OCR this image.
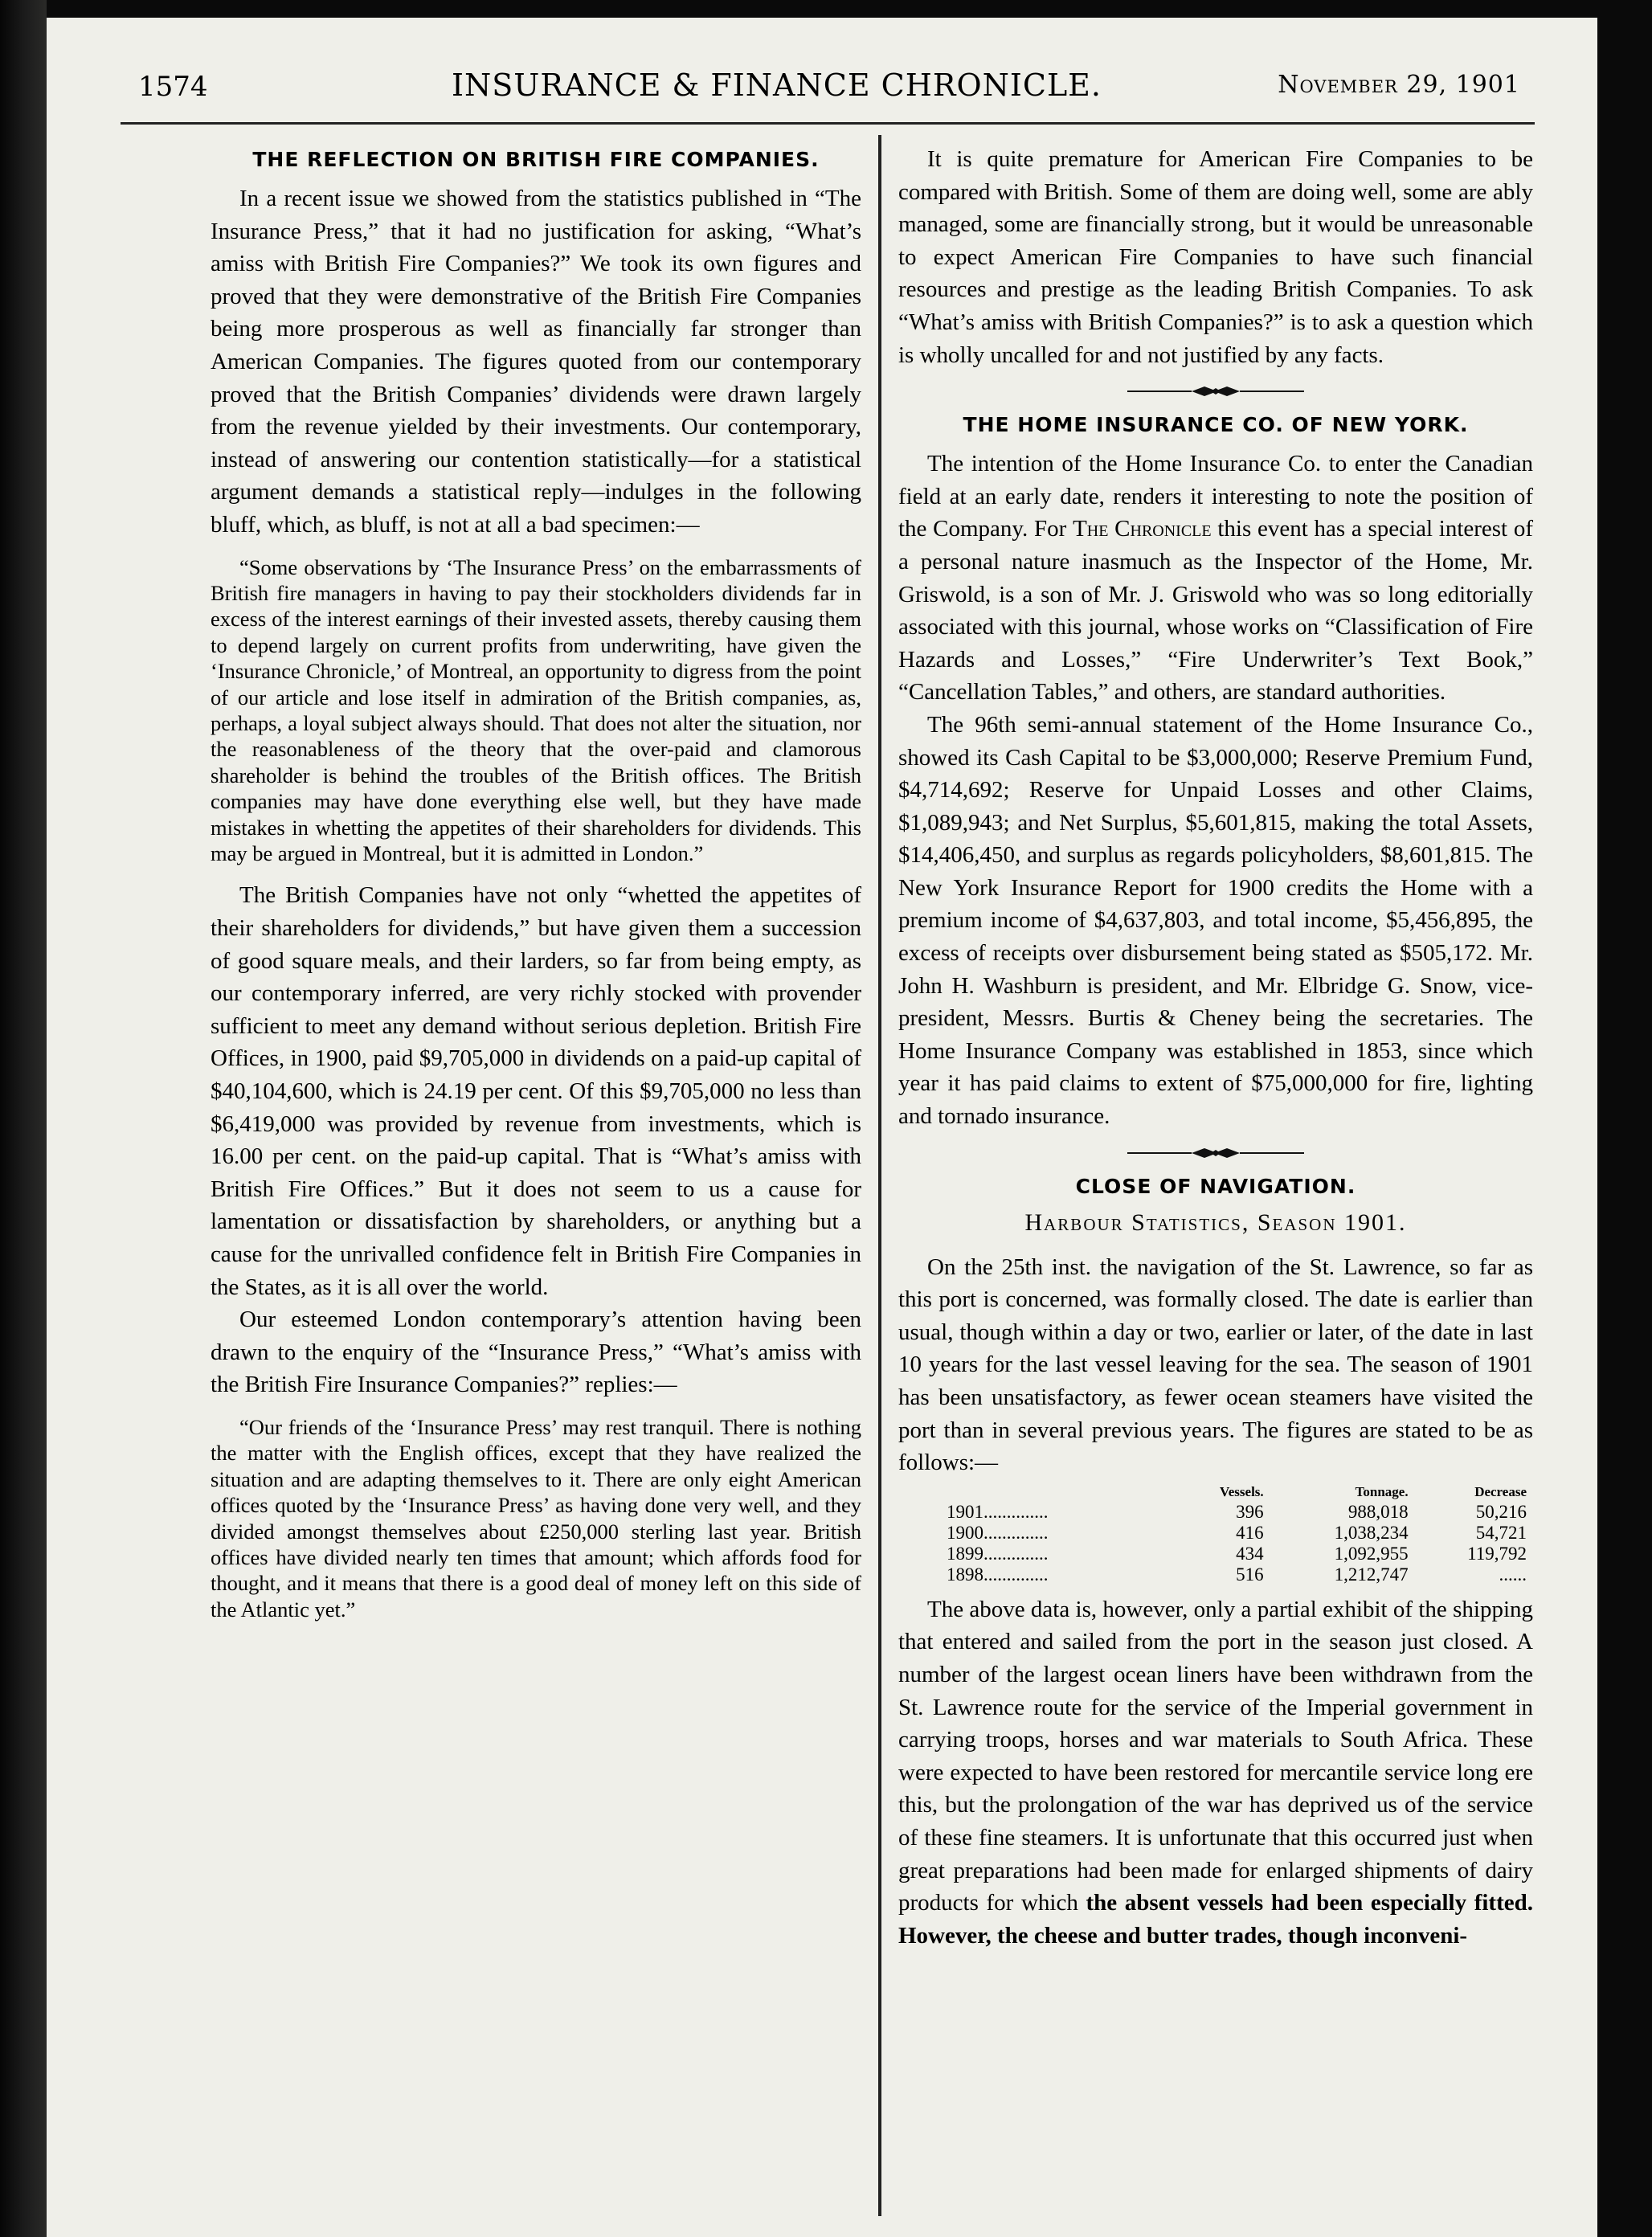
1574	INSURANCE & FINANCE CHRONICLE.	November 29, 1901
THE REFLECTION ON BRITISH FIRE COMPANIES.

In a recent issue we showed from the statistics published in “The Insurance Press,” that it had no justification for asking, “What’s amiss with British Fire Companies?” We took its own figures and proved that they were demonstrative of the British Fire Companies being more prosperous as well as financially far stronger than American Companies. The figures quoted from our contemporary proved that the British Companies’ dividends were drawn largely from the revenue yielded by their investments. Our contemporary, instead of answering our contention statistically—for a statistical argument demands a statistical reply—indulges in the following bluff, which, as bluff, is not at all a bad specimen:—

“Some observations by ‘The Insurance Press’ on the embarrassments of British fire managers in having to pay their stockholders dividends far in excess of the interest earnings of their invested assets, thereby causing them to depend largely on current profits from underwriting, have given the ‘Insurance Chronicle,’ of Montreal, an opportunity to digress from the point of our article and lose itself in admiration of the British companies, as, perhaps, a loyal subject always should. That does not alter the situation, nor the reasonableness of the theory that the over-paid and clamorous shareholder is behind the troubles of the British offices. The British companies may have done everything else well, but they have made mistakes in whetting the appetites of their shareholders for dividends. This may be argued in Montreal, but it is admitted in London.”

The British Companies have not only “whetted the appetites of their shareholders for dividends,” but have given them a succession of good square meals, and their larders, so far from being empty, as our contemporary inferred, are very richly stocked with provender sufficient to meet any demand without serious depletion. British Fire Offices, in 1900, paid $9,705,000 in dividends on a paid-up capital of $40,104,600, which is 24.19 per cent. Of this $9,705,000 no less than $6,419,000 was provided by revenue from investments, which is 16.00 per cent. on the paid-up capital. That is “What’s amiss with British Fire Offices.” But it does not seem to us a cause for lamentation or dissatisfaction by shareholders, or anything but a cause for the unrivalled confidence felt in British Fire Companies in the States, as it is all over the world.

Our esteemed London contemporary’s attention having been drawn to the enquiry of the “Insurance Press,” “What’s amiss with the British Fire Insurance Companies?” replies:—

“Our friends of the ‘Insurance Press’ may rest tranquil. There is nothing the matter with the English offices, except that they have realized the situation and are adapting themselves to it. There are only eight American offices quoted by the ‘Insurance Press’ as having done very well, and they divided amongst themselves about £250,000 sterling last year. British offices have divided nearly ten times that amount; which affords food for thought, and it means that there is a good deal of money left on this side of the Atlantic yet.”

It is quite premature for American Fire Companies to be compared with British. Some of them are doing well, some are ably managed, some are financially strong, but it would be unreasonable to expect American Fire Companies to have such financial resources and prestige as the leading British Companies. To ask “What’s amiss with British Companies?” is to ask a question which is wholly uncalled for and not justified by any facts.

THE HOME INSURANCE CO. OF NEW YORK.

The intention of the Home Insurance Co. to enter the Canadian field at an early date, renders it interesting to note the position of the Company. For The Chronicle this event has a special interest of a personal nature inasmuch as the Inspector of the Home, Mr. Griswold, is a son of Mr. J. Griswold who was so long editorially associated with this journal, whose works on “Classification of Fire Hazards and Losses,” “Fire Underwriter’s Text Book,” “Cancellation Tables,” and others, are standard authorities.

The 96th semi-annual statement of the Home Insurance Co., showed its Cash Capital to be $3,000,000; Reserve Premium Fund, $4,714,692; Reserve for Unpaid Losses and other Claims, $1,089,943; and Net Surplus, $5,601,815, making the total Assets, $14,406,450, and surplus as regards policyholders, $8,601,815. The New York Insurance Report for 1900 credits the Home with a premium income of $4,637,803, and total income, $5,456,895, the excess of receipts over disbursement being stated as $505,172. Mr. John H. Washburn is president, and Mr. Elbridge G. Snow, vice-president, Messrs. Burtis & Cheney being the secretaries. The Home Insurance Company was established in 1853, since which year it has paid claims to extent of $75,000,000 for fire, lighting and tornado insurance.

CLOSE OF NAVIGATION.
Harbour Statistics, Season 1901.

On the 25th inst. the navigation of the St. Lawrence, so far as this port is concerned, was formally closed. The date is earlier than usual, though within a day or two, earlier or later, of the date in last 10 years for the last vessel leaving for the sea. The season of 1901 has been unsatisfactory, as fewer ocean steamers have visited the port than in several previous years. The figures are stated to be as follows:—

	Vessels.	Tonnage.	Decrease
1901..............	396	988,018	50,216
1900..............	416	1,038,234	54,721
1899..............	434	1,092,955	119,792
1898..............	516	1,212,747	......

The above data is, however, only a partial exhibit of the shipping that entered and sailed from the port in the season just closed. A number of the largest ocean liners have been withdrawn from the St. Lawrence route for the service of the Imperial government in carrying troops, horses and war materials to South Africa. These were expected to have been restored for mercantile service long ere this, but the prolongation of the war has deprived us of the service of these fine steamers. It is unfortunate that this occurred just when great preparations had been made for enlarged shipments of dairy products for which the absent vessels had been especially fitted. However, the cheese and butter trades, though inconveni-
